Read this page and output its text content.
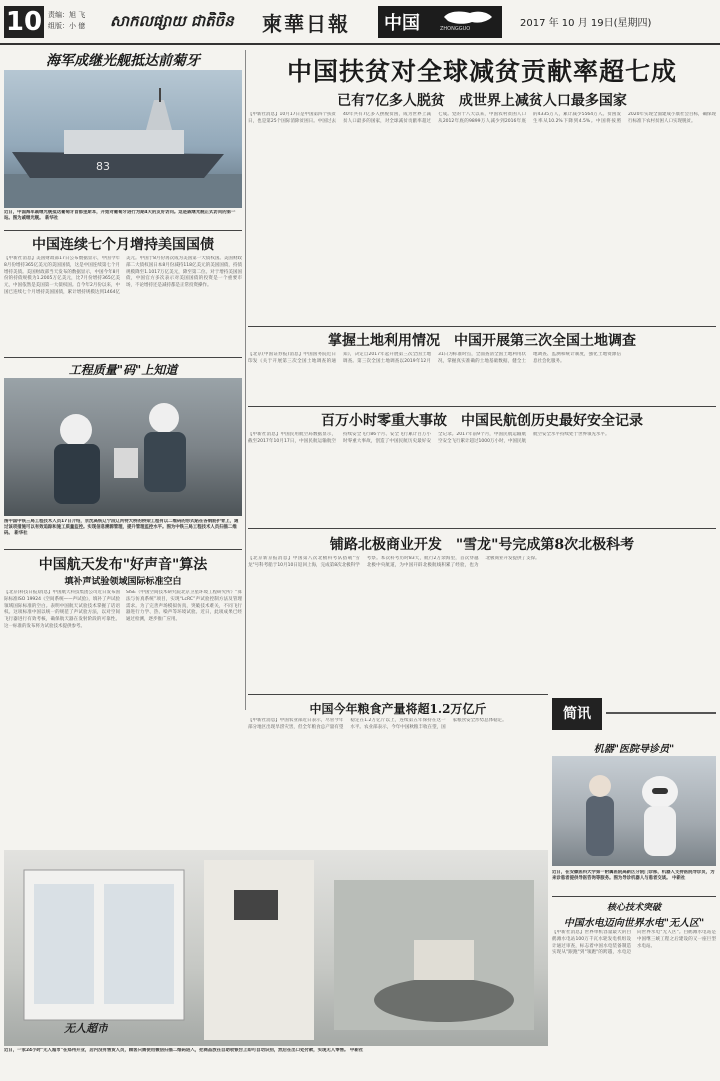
10 责编：旭 飞
组版：小 億	សាកលផ្សាយ ជាតិចិន	柬華日報	中国	ZHONGGUO	2017 年 10 月 19日(星期四)
海军成继光舰抵达前菊牙
83
近日，中国海军戚继光舰抵达葡萄牙首都里斯本，开始对葡萄牙进行为期4天的友好访问。这是戚继光舰正式访问的第一站。图为戚继光舰。 新华社
中国连续七个月增持美国国债
【中新社消息】美国财政部17日公布数据显示，中国今年8月份增持365亿美元的美国国债，这是中国连续第七个月增持美债。美国财政部当天发布的数据显示，中国今年8月份的持债规模为1.2005万亿美元，比7月份增持365亿美元，中国依然是美国第一大债权国。自今年2月份以来，中国已连续七个月增持美国国债，累计增持规模达到1464亿美元。中国于8月份再次成为美国第一大债权国。美国财政部二大债权国日本8月份减持118亿美元的美国国债，持债规模降至1.1017万亿美元，降至第二位。对于增持美国国债，中国官方多次表示对美国国债的投资是一个重要市场，不论增持还是减持都是正常投资操作。
工程质量"码"上知道
图中国中铁三局工程技术人员17日介绍，京沈高铁辽宁段辽河特大桥的桥梁工程有以二维码的形式贴在各钢筋护骨上，通过该项措施可以有效追踪和施工质量监控。实现信息溯源管理，提升管理监控水平。图为中铁三局工程技术人员扫描二维码。 新华社
中国航天发布"好声音"算法
填补声试验领域国际标准空白
【北京(科技日报)消息】中国航天科技集团公司近日发布国际标准ISO 19924《空间系统——声试验》，填补了声试验领域国际标准的空白。表明中国航天试验技术掌握了话语权。这项标准中国以统一的规范了声试验方法，以对空间飞行器进行有效考核，确保航天器在发射阶段的可靠性。这一标准的发布将为试验技术提供参考。
SISE（中国空间技术研究院北京卫星环境工程研究所）“算法与仿真系统”项目，实现“LcRC”声试验控制方法及管理需求。为了完善声场模拟仿真，突破技术难关，不同飞行器进行力学、热、噪声等环境试验。近日，此项成果已经通过检测，逐步推广应用。
中国扶贫对全球减贫贡献率超七成
已有7亿多人脱贫　成世界上减贫人口最多国家
【中新社消息】10月17日是中国第四个扶贫日，也是第25个国际消除贫困日。中国过去40年共有7亿多人摆脱贫困，成为世界上减贫人口最多的国家，对全球减贫贡献率超过七成。党的十八大以来，中国农村贫困人口从2012年底的9899万人减少到2016年底的4335万人，累计减少5564万人。贫困发生率从10.2%下降到4.5%。中国将按照2020年实现全面建成小康社会目标，确保现行标准下农村贫困人口实现脱贫。
掌握土地利用情况　中国开展第三次全国土地调查
【北京(中国证券报)消息】中国国务院近日印发《关于开展第三次全国土地调查的通知》，决定自2017年起开展第三次全国土地调查。第三次全国土地调查以2019年12月31日为标准时点，全面查清全国土地利用状况，掌握真实准确的土地基础数据，健全土地调查、监测和统计制度，强化土地资源信息社会化服务。
百万小时零重大事故　中国民航创历史最好安全记录
【中新社消息】中国民用航空局数据显示，截至2017年10月17日，中国民航运输航空持续安全飞行86个月、安全飞行累计百万小时零重大事故，创造了中国民航历史最好安全记录。2017年前9个月，中国民航运输航空安全飞行累计超过1000万小时，中国民航航空安全水平持续处于世界领先水平。
铺路北极商业开发　"雪龙"号完成第8次北极科考
【北京新京报消息】中国第八次北极科考队搭载"雪龙"号科考船于10月10日返回上海，完成第8次北极科学考察。本次科考历时83天，航行2万余海里，首次穿越北极中央航道，为中国开辟北极航线积累了经验，也为北极商业开发提供了支撑。
中国今年粮食产量将超1.2万亿斤
【中新社消息】中国农业部近日表示，尽管今年部分地区出现旱涝灾害，但全年粮食总产量有望稳定在1.2万亿斤以上，连续第五年保持在这一水平。农业部表示，今年中国秋粮丰收在望，国家粮食安全形势总体稳定。	简讯
机器"医院导诊员"
近日，在安徽医科大学第一附属医院高新区分院门诊部，机器人支持医院导诊员，为来诊患者提供导医咨询等服务。图为导诊机器人与患者交谈。 中新社
核心技术突破
中国水电迈向世界水电"无人区"
【中新社消息】世界单机容量最大的白鹤滩水电站100万千瓦水轮发电机组设计通过审查，标志着中国水电装备制造实现从"跟跑"到"领跑"的跨越，水电迈向世界水电"无人区"。白鹤滩水电站是中国继三峡工程之后建设的又一座巨型水电站。
无人超市
近日，一家24小时"无人超市"在郑州开业，店内没有售货人员，顾客只需使用微信扫描二维码进入，把商品放在自助收银台上即可自动识别，然后在出口处付款，实现无人零售。 中新社
